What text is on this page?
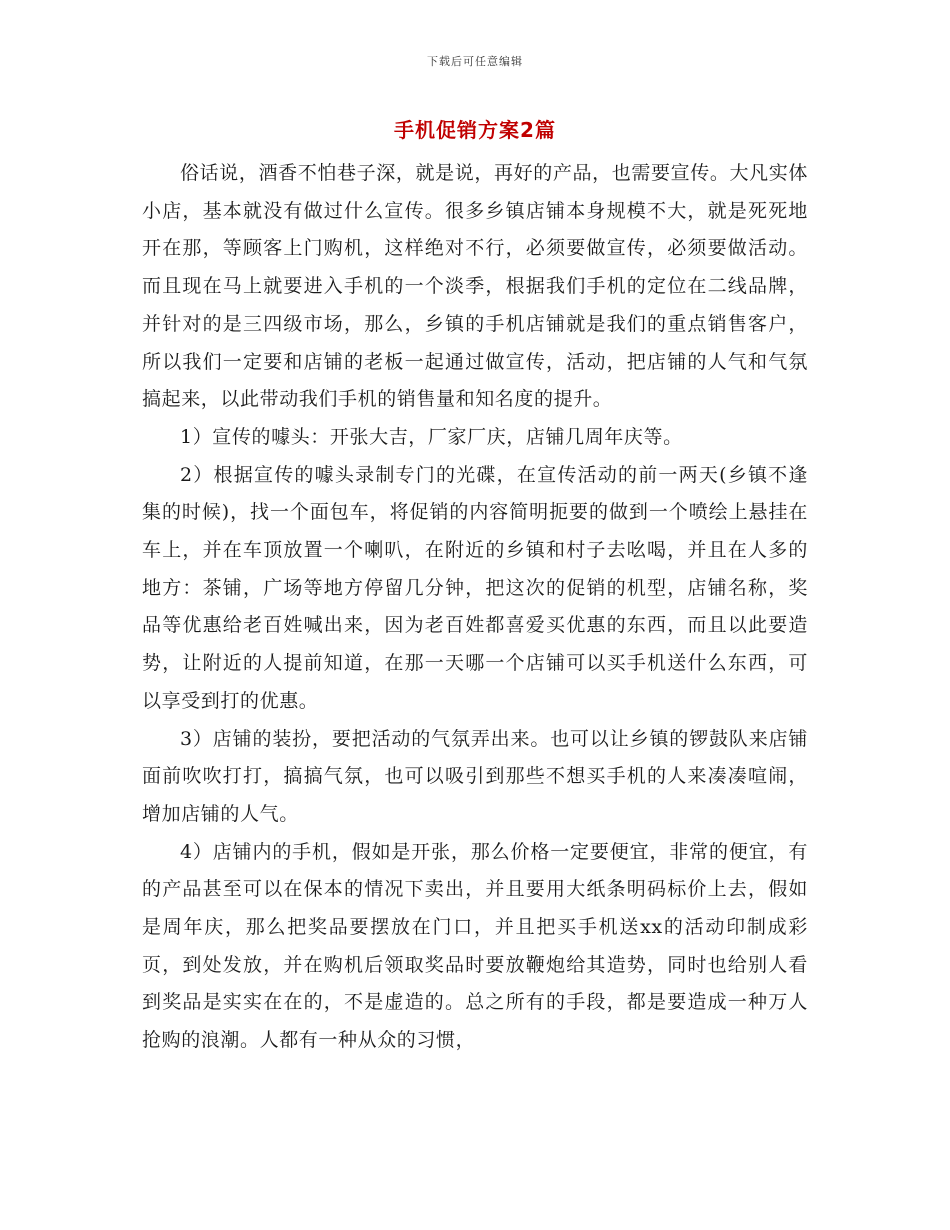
下载后可任意编辑
手机促销方案2篇

俗话说，酒香不怕巷子深，就是说，再好的产品，也需要宣传。大凡实体小店，基本就没有做过什么宣传。很多乡镇店铺本身规模不大，就是死死地开在那，等顾客上门购机，这样绝对不行，必须要做宣传，必须要做活动。而且现在马上就要进入手机的一个淡季，根据我们手机的定位在二线品牌，并针对的是三四级市场，那么，乡镇的手机店铺就是我们的重点销售客户，所以我们一定要和店铺的老板一起通过做宣传，活动，把店铺的人气和气氛搞起来，以此带动我们手机的销售量和知名度的提升。

1）宣传的噱头：开张大吉，厂家厂庆，店铺几周年庆等。

2）根据宣传的噱头录制专门的光碟，在宣传活动的前一两天(乡镇不逢集的时候)，找一个面包车，将促销的内容简明扼要的做到一个喷绘上悬挂在车上，并在车顶放置一个喇叭，在附近的乡镇和村子去吆喝，并且在人多的地方：茶铺，广场等地方停留几分钟，把这次的促销的机型，店铺名称，奖品等优惠给老百姓喊出来，因为老百姓都喜爱买优惠的东西，而且以此要造势，让附近的人提前知道，在那一天哪一个店铺可以买手机送什么东西，可以享受到打的优惠。

3）店铺的装扮，要把活动的气氛弄出来。也可以让乡镇的锣鼓队来店铺面前吹吹打打，搞搞气氛，也可以吸引到那些不想买手机的人来凑凑喧闹，增加店铺的人气。

4）店铺内的手机，假如是开张，那么价格一定要便宜，非常的便宜，有的产品甚至可以在保本的情况下卖出，并且要用大纸条明码标价上去，假如是周年庆，那么把奖品要摆放在门口，并且把买手机送xx的活动印制成彩页，到处发放，并在购机后领取奖品时要放鞭炮给其造势，同时也给别人看到奖品是实实在在的，不是虚造的。总之所有的手段，都是要造成一种万人抢购的浪潮。人都有一种从众的习惯，
